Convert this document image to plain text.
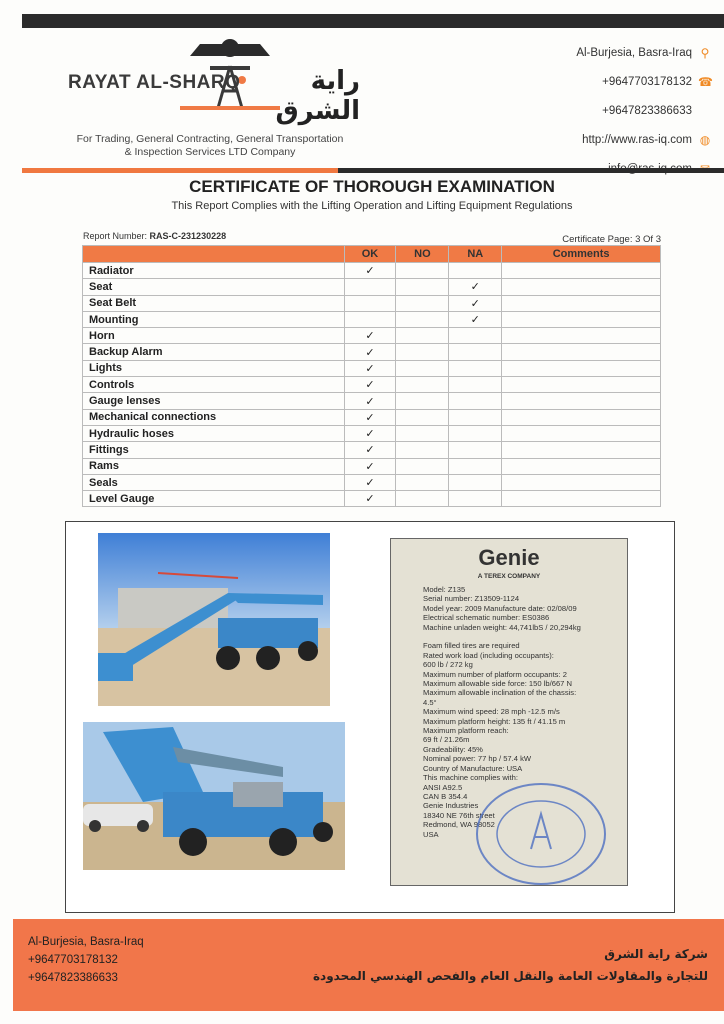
RAYAT AL-SHARQ	راية الشرق
For Trading, General Contracting, General Transportation
& Inspection Services LTD Company
Al-Burjesia, Basra-Iraq ⚲
+9647703178132 ☎
+9647823386633
http://www.ras-iq.com ◍
CERTIFICATE OF THOROUGH EXAMINATION
This Report Complies with the Lifting Operation and Lifting Equipment Regulations
Report Number: RAS-C-231230228	Certificate Page: 3 Of 3
	OK	NO	NA	Comments
Radiator	✓			
Seat			✓	
Seat Belt			✓	
Mounting			✓	
Horn	✓			
Backup Alarm	✓			
Lights	✓			
Controls	✓			
Gauge lenses	✓			
Mechanical connections	✓			
Hydraulic hoses	✓			
Fittings	✓			
Rams	✓			
Seals	✓			
Level Gauge	✓			
Genie
A TEREX COMPANY
Model: Z135
Serial number: Z13509-1124
Model year: 2009 Manufacture date: 02/08/09
Electrical schematic number: ES0386
Machine unladen weight: 44,741lbS / 20,294kg
Foam filled tires are required
Rated work load (including occupants):
600 lb / 272 kg
Maximum number of platform occupants: 2
Maximum allowable side force: 150 lb/667 N
Maximum allowable inclination of the chassis:
4.5°
Maximum wind speed: 28 mph -12.5 m/s
Maximum platform height: 135 ft / 41.15 m
Maximum platform reach:
69 ft / 21.26m
Gradeability: 45%
Nominal power: 77 hp / 57.4 kW
Country of Manufacture: USA
This machine complies with:
ANSI A92.5
CAN B 354.4
Genie Industries
18340 NE 76th street
Redmond, WA 98052
USA
Al-Burjesia, Basra-Iraq
+9647703178132
+9647823386633
شركة راية الشرق
للتجارة والمقاولات العامة والنقل العام والفحص الهندسي المحدودة
